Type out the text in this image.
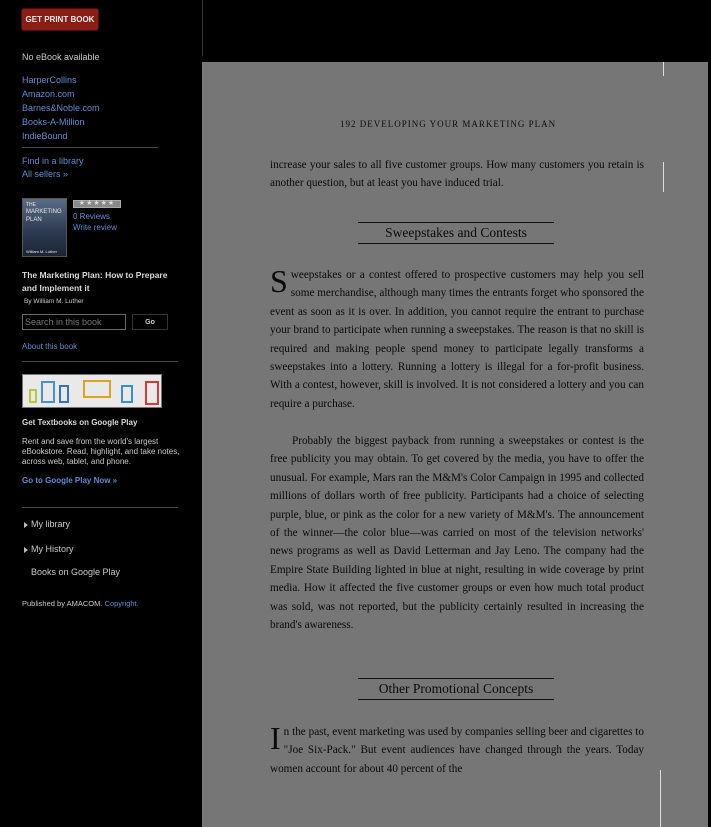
GET PRINT BOOK
No eBook available
HarperCollins
Amazon.com
Barnes&Noble.com
Books-A-Million
IndieBound
Find in a library
All sellers »
THE
MARKETING
PLAN
William M. Luther
★★★★★
0 Reviews
Write review
The Marketing Plan: How to Prepare and Implement it
By William M. Luther
Search in this book
Go
About this book
Get Textbooks on Google Play
Rent and save from the world's largest eBookstore. Read, highlight, and take notes, across web, tablet, and phone.
Go to Google Play Now »
My library
My History
Books on Google Play
Published by AMACOM. Copyright.
192 DEVELOPING YOUR MARKETING PLAN

increase your sales to all five customer groups. How many customers you retain is another question, but at least you have induced trial.

Sweepstakes and Contests

Sweepstakes or a contest offered to prospective customers may help you sell some merchandise, although many times the entrants forget who sponsored the event as soon as it is over. In addition, you cannot require the entrant to purchase your brand to participate when running a sweepstakes. The reason is that no skill is required and making people spend money to participate legally transforms a sweepstakes into a lottery. Running a lottery is illegal for a for-profit business. With a contest, however, skill is involved. It is not considered a lottery and you can require a purchase.

Probably the biggest payback from running a sweepstakes or contest is the free publicity you may obtain. To get covered by the media, you have to offer the unusual. For example, Mars ran the M&M's Color Campaign in 1995 and collected millions of dollars worth of free publicity. Participants had a choice of selecting purple, blue, or pink as the color for a new variety of M&M's. The announcement of the winner—the color blue—was carried on most of the television networks' news programs as well as David Letterman and Jay Leno. The company had the Empire State Building lighted in blue at night, resulting in wide coverage by print media. How it affected the five customer groups or even how much total product was sold, was not reported, but the publicity certainly resulted in increasing the brand's awareness.

Other Promotional Concepts

In the past, event marketing was used by companies selling beer and cigarettes to "Joe Six-Pack." But event audiences have changed through the years. Today women account for about 40 percent of the
